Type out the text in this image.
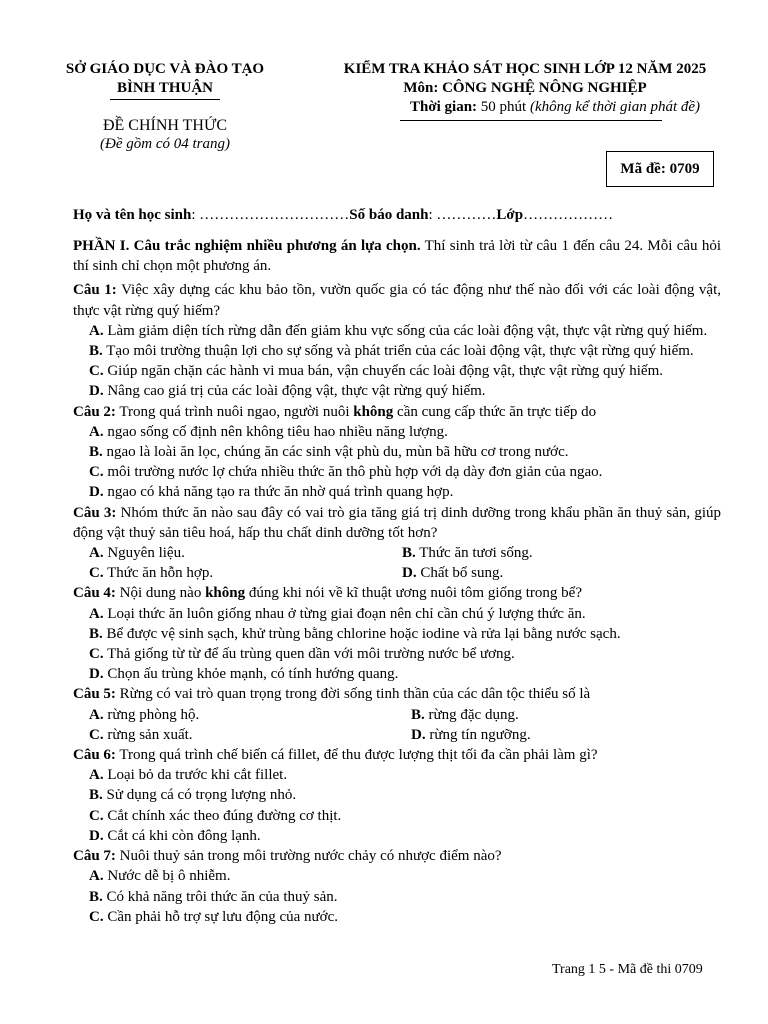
SỞ GIÁO DỤC VÀ ĐÀO TẠO
BÌNH THUẬN
ĐỀ CHÍNH THỨC
(Đề gồm có 04 trang)
KIỂM TRA KHẢO SÁT HỌC SINH LỚP 12 NĂM 2025
Môn: CÔNG NGHỆ NÔNG NGHIỆP
Thời gian: 50 phút (không kể thời gian phát đề)
Mã đề: 0709
Họ và tên học sinh: …………………………Số báo danh: …………Lớp………………

PHẦN I. Câu trắc nghiệm nhiều phương án lựa chọn. Thí sinh trả lời từ câu 1 đến câu 24. Mỗi câu hỏi thí sinh chỉ chọn một phương án.

Câu 1: Việc xây dựng các khu bảo tồn, vườn quốc gia có tác động như thế nào đối với các loài động vật, thực vật rừng quý hiếm?

A. Làm giảm diện tích rừng dẫn đến giảm khu vực sống của các loài động vật, thực vật rừng quý hiếm.

B. Tạo môi trường thuận lợi cho sự sống và phát triển của các loài động vật, thực vật rừng quý hiếm.

C. Giúp ngăn chặn các hành vi mua bán, vận chuyển các loài động vật, thực vật rừng quý hiếm.

D. Nâng cao giá trị của các loài động vật, thực vật rừng quý hiếm.

Câu 2: Trong quá trình nuôi ngao, người nuôi không cần cung cấp thức ăn trực tiếp do

A. ngao sống cố định nên không tiêu hao nhiều năng lượng.

B. ngao là loài ăn lọc, chúng ăn các sinh vật phù du, mùn bã hữu cơ trong nước.

C. môi trường nước lợ chứa nhiều thức ăn thô phù hợp với dạ dày đơn giản của ngao.

D. ngao có khả năng tạo ra thức ăn nhờ quá trình quang hợp.

Câu 3: Nhóm thức ăn nào sau đây có vai trò gia tăng giá trị dinh dưỡng trong khẩu phần ăn thuỷ sản, giúp động vật thuỷ sản tiêu hoá, hấp thu chất dinh dưỡng tốt hơn?

A. Nguyên liệu.	B. Thức ăn tươi sống.
C. Thức ăn hỗn hợp.	D. Chất bổ sung.

Câu 4: Nội dung nào không đúng khi nói về kĩ thuật ương nuôi tôm giống trong bể?

A. Loại thức ăn luôn giống nhau ở từng giai đoạn nên chỉ cần chú ý lượng thức ăn.

B. Bể được vệ sinh sạch, khử trùng bằng chlorine hoặc iodine và rửa lại bằng nước sạch.

C. Thả giống từ từ để ấu trùng quen dần với môi trường nước bể ương.

D. Chọn ấu trùng khỏe mạnh, có tính hướng quang.

Câu 5: Rừng có vai trò quan trọng trong đời sống tinh thần của các dân tộc thiểu số là

A. rừng phòng hộ.	B. rừng đặc dụng.
C. rừng sản xuất.	D. rừng tín ngưỡng.

Câu 6: Trong quá trình chế biến cá fillet, để thu được lượng thịt tối đa cần phải làm gì?

A. Loại bỏ da trước khi cắt fillet.

B. Sử dụng cá có trọng lượng nhỏ.

C. Cắt chính xác theo đúng đường cơ thịt.

D. Cắt cá khi còn đông lạnh.

Câu 7: Nuôi thuỷ sản trong môi trường nước chảy có nhược điểm nào?

A. Nước dễ bị ô nhiễm.

B. Có khả năng trôi thức ăn của thuỷ sản.

C. Cần phải hỗ trợ sự lưu động của nước.

Trang 1 5 - Mã đề thi 0709
